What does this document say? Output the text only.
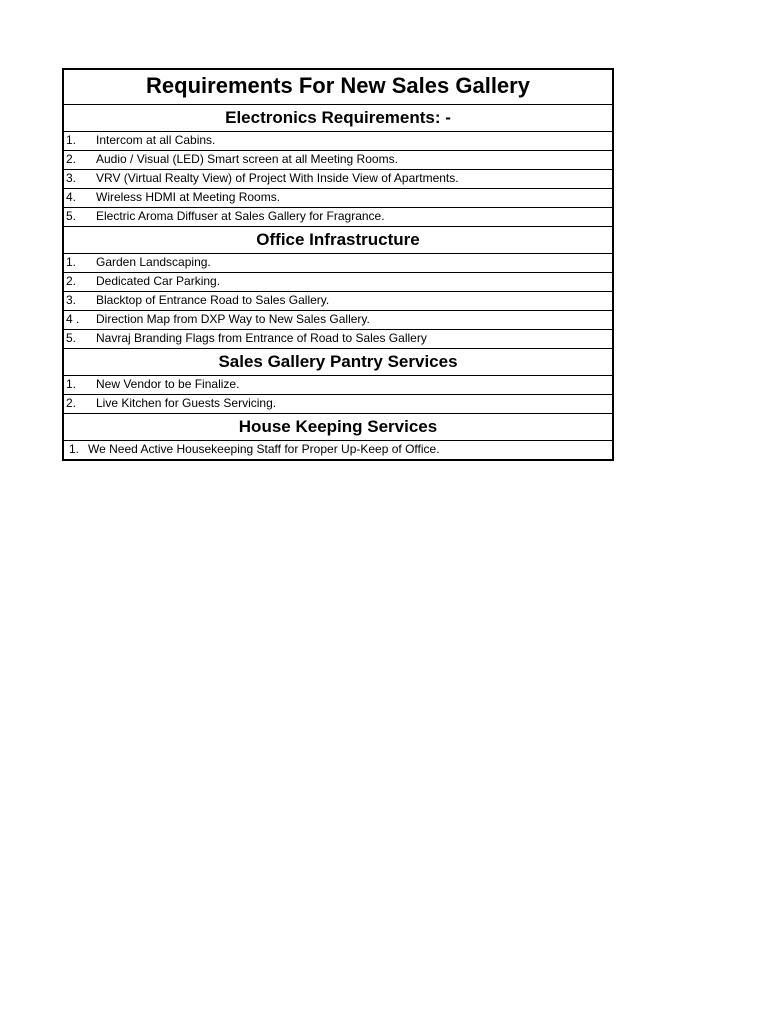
Requirements For New Sales Gallery
Electronics Requirements: -
1. Intercom at all Cabins.
2. Audio / Visual (LED) Smart screen at all Meeting Rooms.
3. VRV (Virtual Realty View) of Project With Inside View of Apartments.
4. Wireless HDMI at Meeting Rooms.
5. Electric Aroma Diffuser at Sales Gallery for Fragrance.
Office Infrastructure
1. Garden Landscaping.
2. Dedicated Car Parking.
3. Blacktop of Entrance Road to Sales Gallery.
4 . Direction Map from DXP Way to New Sales Gallery.
5. Navraj Branding Flags from Entrance of Road to Sales Gallery
Sales Gallery Pantry Services
1. New Vendor to be Finalize.
2. Live Kitchen for Guests Servicing.
House Keeping Services
1. We Need Active Housekeeping Staff for Proper Up-Keep of Office.
